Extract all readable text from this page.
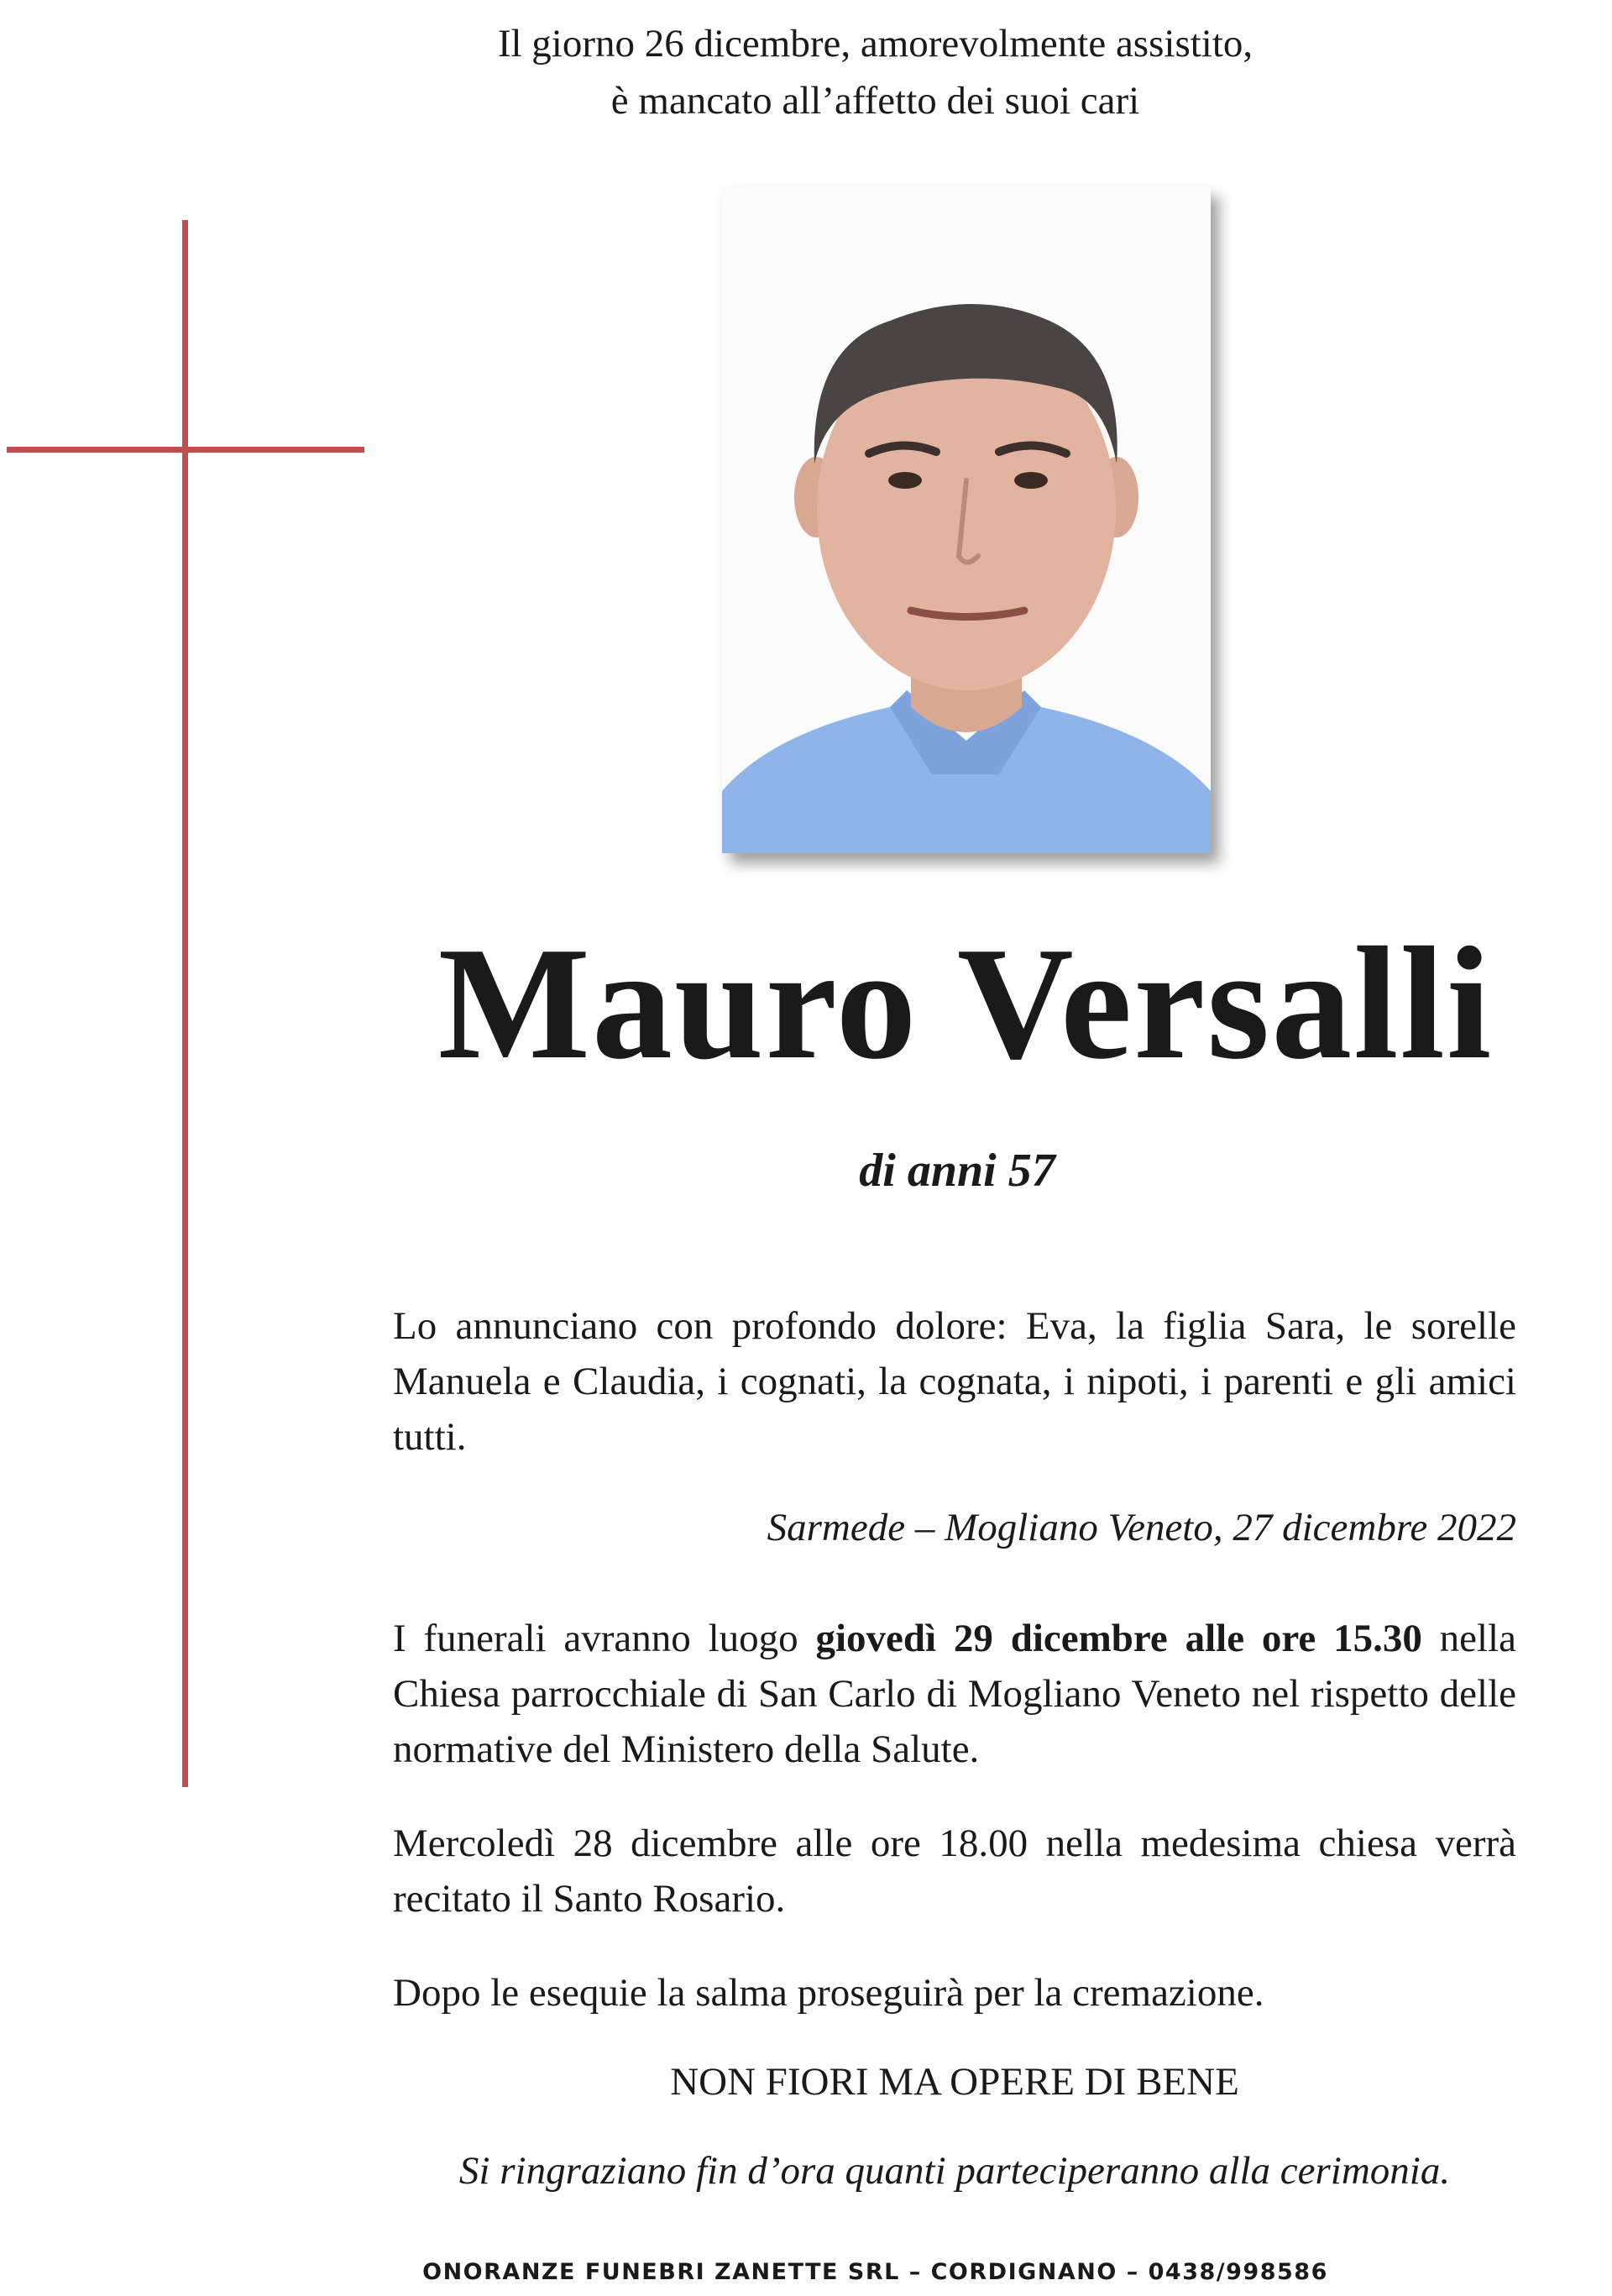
Il giorno 26 dicembre, amorevolmente assistito,
è mancato all’affetto dei suoi cari
Mauro Versalli
di anni 57
Lo annunciano con profondo dolore: Eva, la figlia Sara, le sorelle Manuela e Claudia, i cognati, la cognata, i nipoti, i parenti e gli amici tutti.
Sarmede – Mogliano Veneto, 27 dicembre 2022
I funerali avranno luogo giovedì 29 dicembre alle ore 15.30 nella Chiesa parrocchiale di San Carlo di Mogliano Veneto nel rispetto delle normative del Ministero della Salute.
Mercoledì 28 dicembre alle ore 18.00 nella medesima chiesa verrà recitato il Santo Rosario.
Dopo le esequie la salma proseguirà per la cremazione.
NON FIORI MA OPERE DI BENE
Si ringraziano fin d’ora quanti parteciperanno alla cerimonia.
ONORANZE FUNEBRI ZANETTE SRL – CORDIGNANO – 0438/998586
